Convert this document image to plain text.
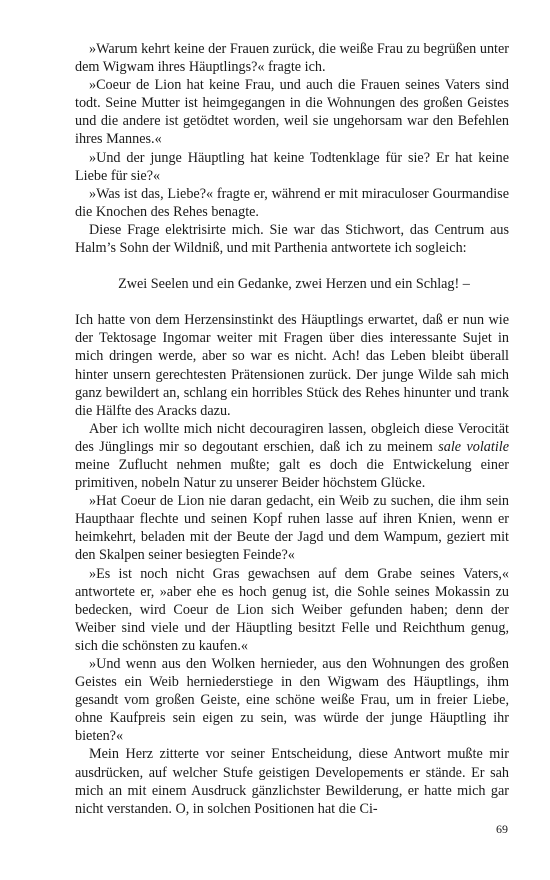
»Warum kehrt keine der Frauen zurück, die weiße Frau zu begrüßen unter dem Wigwam ihres Häuptlings?« fragte ich.

»Coeur de Lion hat keine Frau, und auch die Frauen seines Vaters sind todt. Seine Mutter ist heimgegangen in die Wohnungen des großen Geistes und die andere ist getödtet worden, weil sie ungehorsam war den Befehlen ihres Mannes.«

»Und der junge Häuptling hat keine Todtenklage für sie? Er hat keine Liebe für sie?«

»Was ist das, Liebe?« fragte er, während er mit miraculoser Gourmandise die Knochen des Rehes benagte.

Diese Frage elektrisirte mich. Sie war das Stichwort, das Centrum aus Halm’s Sohn der Wildniß, und mit Parthenia antwortete ich sogleich:

Zwei Seelen und ein Gedanke, zwei Herzen und ein Schlag! –

Ich hatte von dem Herzensinstinkt des Häuptlings erwartet, daß er nun wie der Tektosage Ingomar weiter mit Fragen über dies interessante Sujet in mich dringen werde, aber so war es nicht. Ach! das Leben bleibt überall hinter unsern gerechtesten Prätensionen zurück. Der junge Wilde sah mich ganz bewildert an, schlang ein horribles Stück des Rehes hinunter und trank die Hälfte des Aracks dazu.

Aber ich wollte mich nicht decouragiren lassen, obgleich diese Verocität des Jünglings mir so degoutant erschien, daß ich zu meinem sale volatile meine Zuflucht nehmen mußte; galt es doch die Entwickelung einer primitiven, nobeln Natur zu unserer Beider höchstem Glücke.

»Hat Coeur de Lion nie daran gedacht, ein Weib zu suchen, die ihm sein Haupthaar flechte und seinen Kopf ruhen lasse auf ihren Knien, wenn er heimkehrt, beladen mit der Beute der Jagd und dem Wampum, geziert mit den Skalpen seiner besiegten Feinde?«

»Es ist noch nicht Gras gewachsen auf dem Grabe seines Vaters,« antwortete er, »aber ehe es hoch genug ist, die Sohle seines Mokassin zu bedecken, wird Coeur de Lion sich Weiber gefunden haben; denn der Weiber sind viele und der Häuptling besitzt Felle und Reichthum genug, sich die schönsten zu kaufen.«

»Und wenn aus den Wolken hernieder, aus den Wohnungen des großen Geistes ein Weib herniederstiege in den Wigwam des Häuptlings, ihm gesandt vom großen Geiste, eine schöne weiße Frau, um in freier Liebe, ohne Kaufpreis sein eigen zu sein, was würde der junge Häuptling ihr bieten?«

Mein Herz zitterte vor seiner Entscheidung, diese Antwort mußte mir ausdrücken, auf welcher Stufe geistigen Developements er stände. Er sah mich an mit einem Ausdruck gänzlichster Bewilderung, er hatte mich gar nicht verstanden. O, in solchen Positionen hat die Ci-

69
